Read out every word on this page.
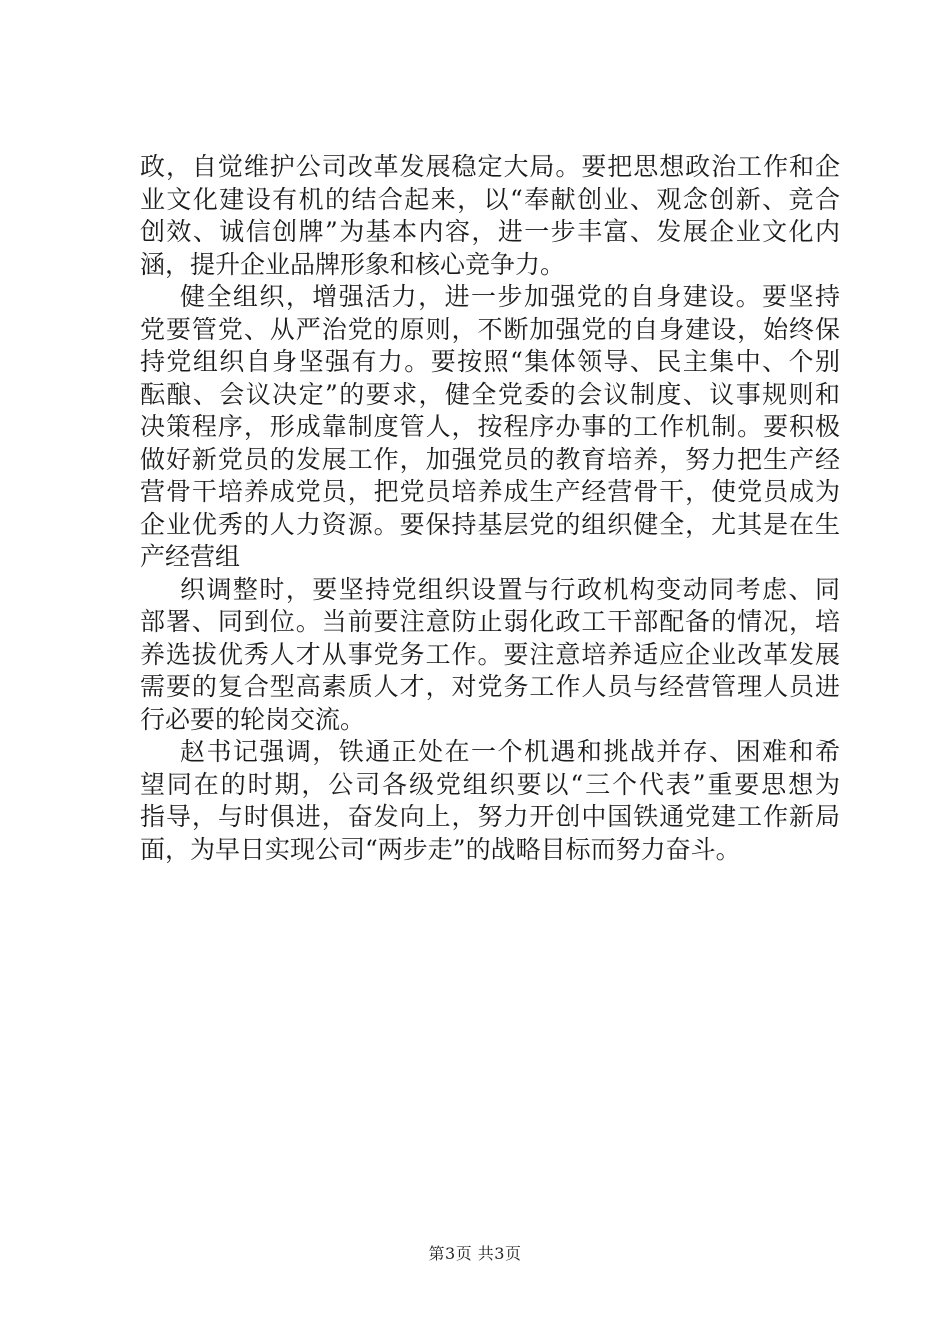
政，自觉维护公司改革发展稳定大局。要把思想政治工作和企
业文化建设有机的结合起来，以“奉献创业、观念创新、竞合
创效、诚信创牌”为基本内容，进一步丰富、发展企业文化内
涵，提升企业品牌形象和核心竞争力。
健全组织，增强活力，进一步加强党的自身建设。要坚持
党要管党、从严治党的原则，不断加强党的自身建设，始终保
持党组织自身坚强有力。要按照“集体领导、民主集中、个别
酝酿、会议决定”的要求，健全党委的会议制度、议事规则和
决策程序，形成靠制度管人，按程序办事的工作机制。要积极
做好新党员的发展工作，加强党员的教育培养，努力把生产经
营骨干培养成党员，把党员培养成生产经营骨干，使党员成为
企业优秀的人力资源。要保持基层党的组织健全，尤其是在生
产经营组
织调整时，要坚持党组织设置与行政机构变动同考虑、同
部署、同到位。当前要注意防止弱化政工干部配备的情况，培
养选拔优秀人才从事党务工作。要注意培养适应企业改革发展
需要的复合型高素质人才，对党务工作人员与经营管理人员进
行必要的轮岗交流。
赵书记强调，铁通正处在一个机遇和挑战并存、困难和希
望同在的时期，公司各级党组织要以“三个代表”重要思想为
指导，与时俱进，奋发向上，努力开创中国铁通党建工作新局
面，为早日实现公司“两步走”的战略目标而努力奋斗。
第3页 共3页
